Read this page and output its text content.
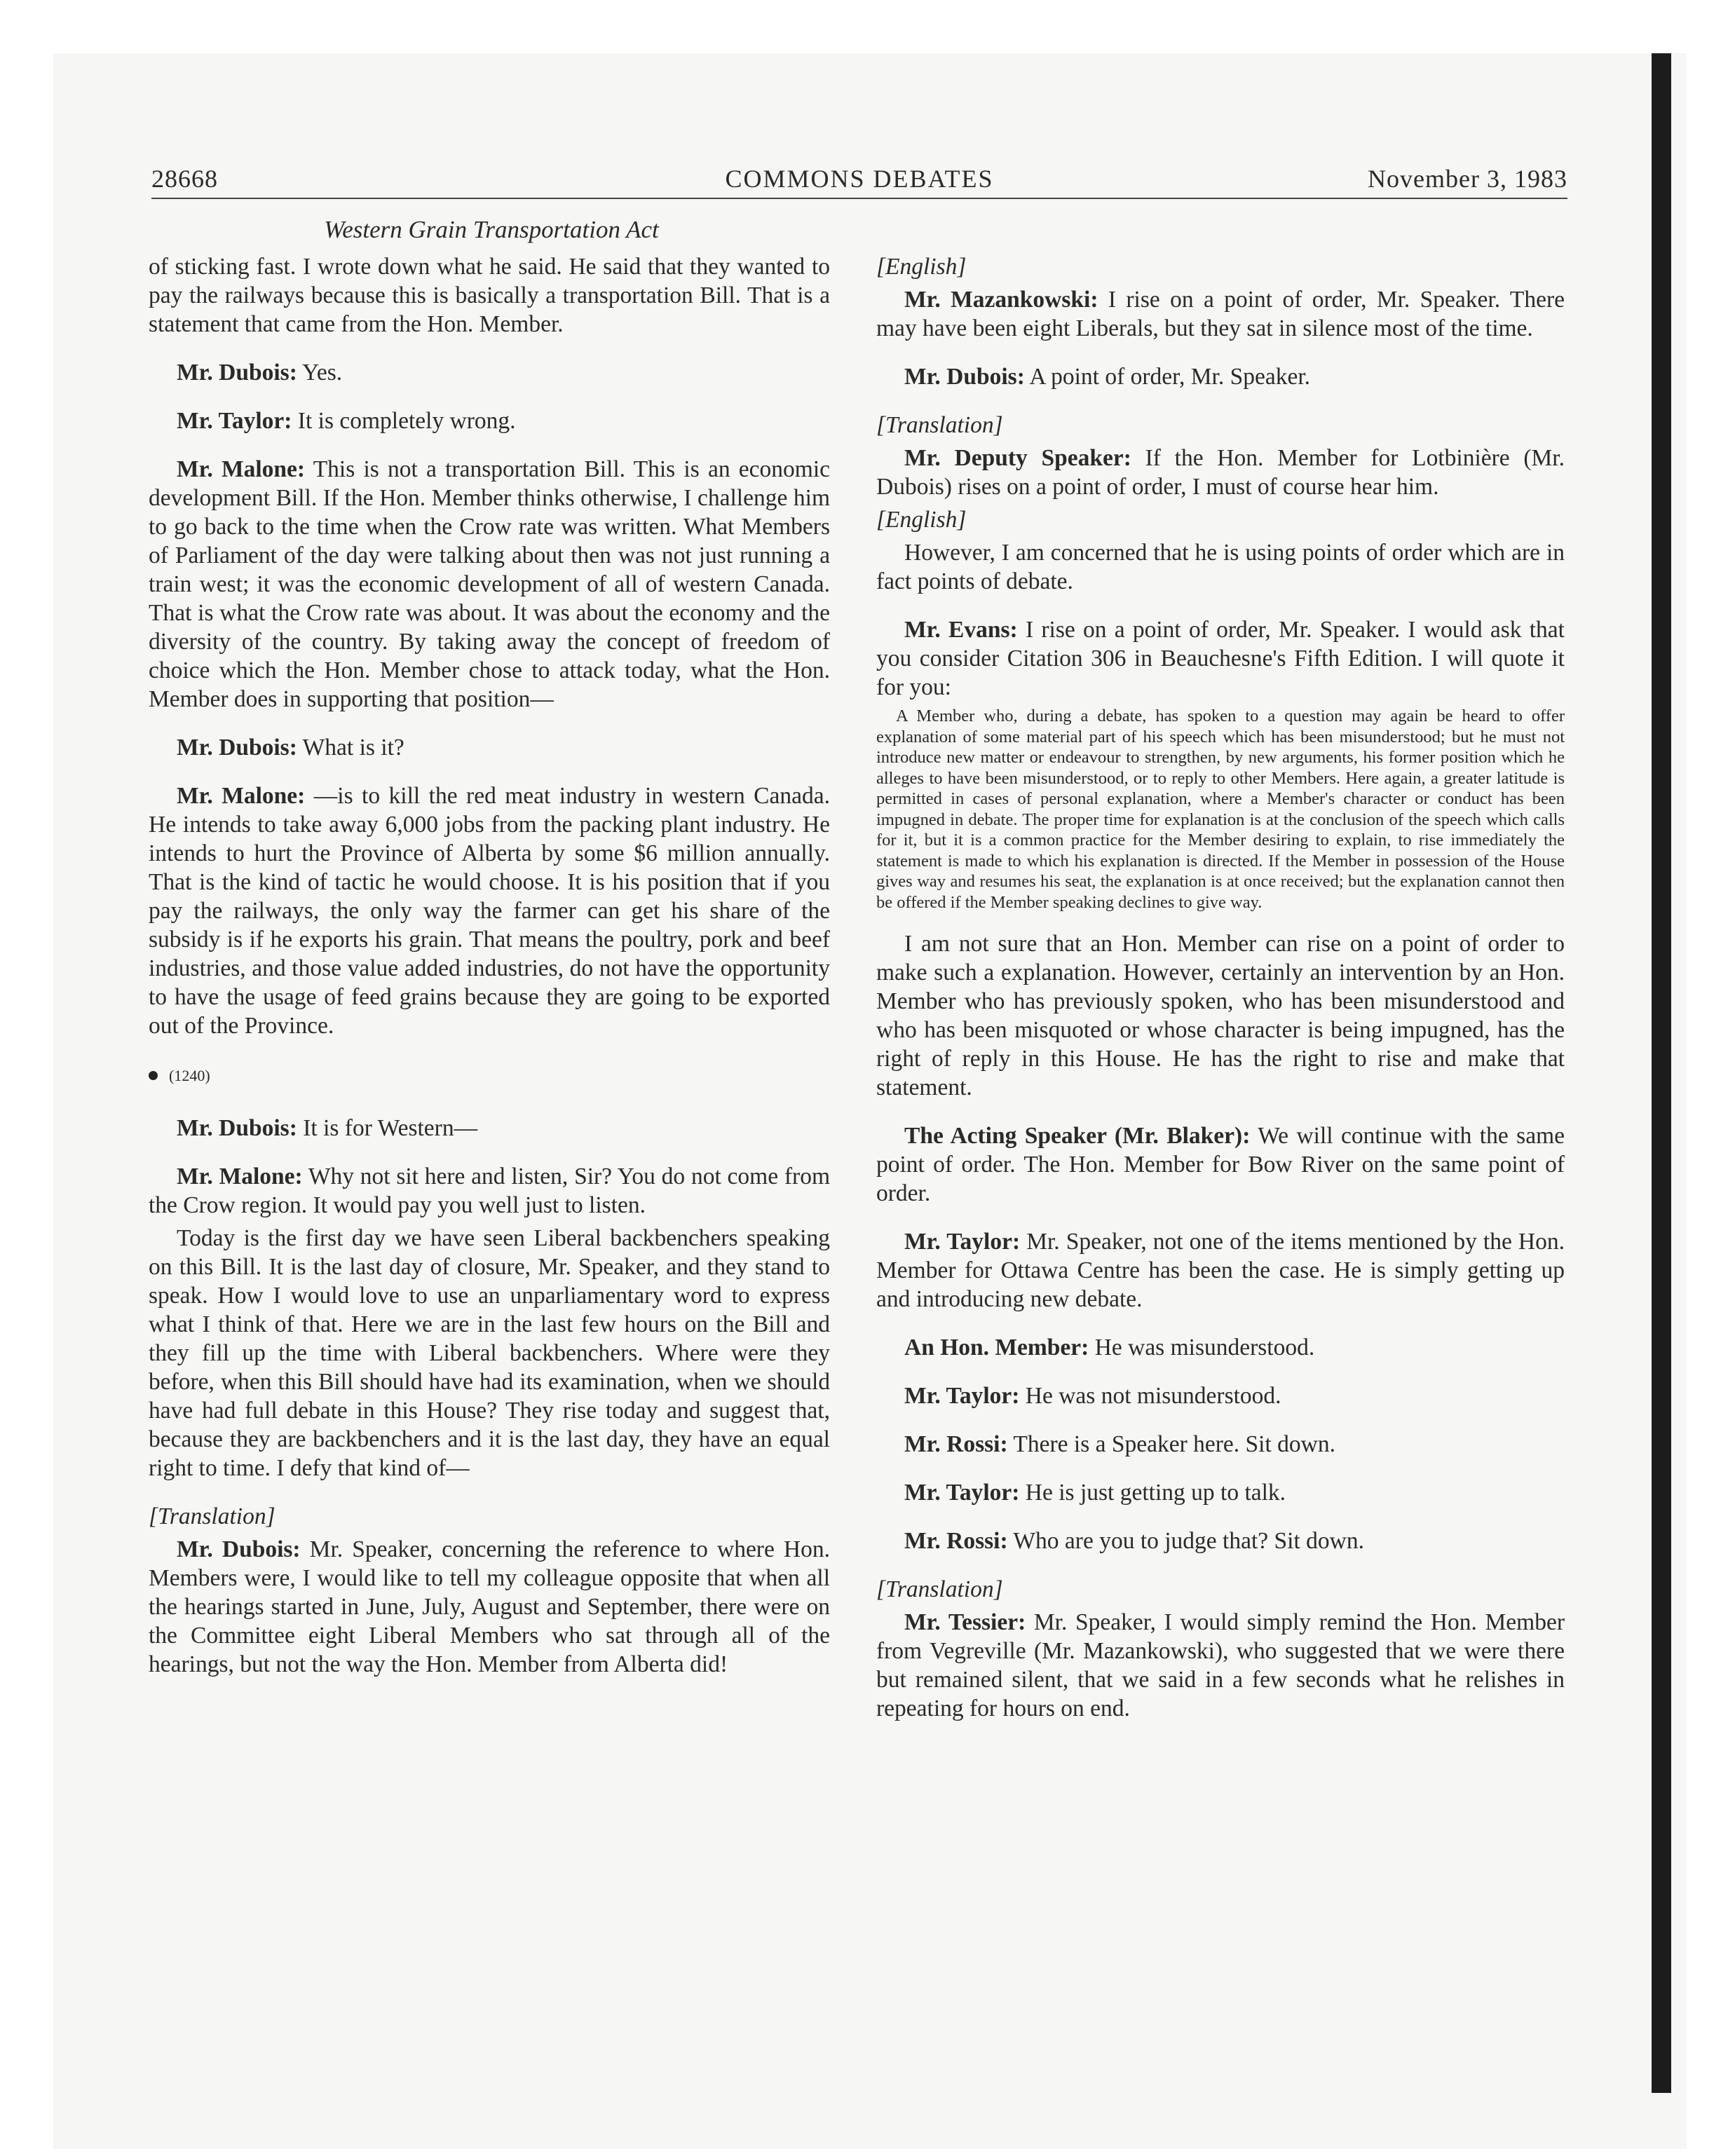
28668	COMMONS DEBATES	November 3, 1983
Western Grain Transportation Act

of sticking fast. I wrote down what he said. He said that they wanted to pay the railways because this is basically a transportation Bill. That is a statement that came from the Hon. Member.

Mr. Dubois: Yes.

Mr. Taylor: It is completely wrong.

Mr. Malone: This is not a transportation Bill. This is an economic development Bill. If the Hon. Member thinks otherwise, I challenge him to go back to the time when the Crow rate was written. What Members of Parliament of the day were talking about then was not just running a train west; it was the economic development of all of western Canada. That is what the Crow rate was about. It was about the economy and the diversity of the country. By taking away the concept of freedom of choice which the Hon. Member chose to attack today, what the Hon. Member does in supporting that position—

Mr. Dubois: What is it?

Mr. Malone: —is to kill the red meat industry in western Canada. He intends to take away 6,000 jobs from the packing plant industry. He intends to hurt the Province of Alberta by some $6 million annually. That is the kind of tactic he would choose. It is his position that if you pay the railways, the only way the farmer can get his share of the subsidy is if he exports his grain. That means the poultry, pork and beef industries, and those value added industries, do not have the opportunity to have the usage of feed grains because they are going to be exported out of the Province.

(1240)

Mr. Dubois: It is for Western—

Mr. Malone: Why not sit here and listen, Sir? You do not come from the Crow region. It would pay you well just to listen.

Today is the first day we have seen Liberal backbenchers speaking on this Bill. It is the last day of closure, Mr. Speaker, and they stand to speak. How I would love to use an unparliamentary word to express what I think of that. Here we are in the last few hours on the Bill and they fill up the time with Liberal backbenchers. Where were they before, when this Bill should have had its examination, when we should have had full debate in this House? They rise today and suggest that, because they are backbenchers and it is the last day, they have an equal right to time. I defy that kind of—

[Translation]

Mr. Dubois: Mr. Speaker, concerning the reference to where Hon. Members were, I would like to tell my colleague opposite that when all the hearings started in June, July, August and September, there were on the Committee eight Liberal Members who sat through all of the hearings, but not the way the Hon. Member from Alberta did!

[English]

Mr. Mazankowski: I rise on a point of order, Mr. Speaker. There may have been eight Liberals, but they sat in silence most of the time.

Mr. Dubois: A point of order, Mr. Speaker.

[Translation]

Mr. Deputy Speaker: If the Hon. Member for Lotbinière (Mr. Dubois) rises on a point of order, I must of course hear him.

[English]

However, I am concerned that he is using points of order which are in fact points of debate.

Mr. Evans: I rise on a point of order, Mr. Speaker. I would ask that you consider Citation 306 in Beauchesne's Fifth Edition. I will quote it for you:

A Member who, during a debate, has spoken to a question may again be heard to offer explanation of some material part of his speech which has been misunderstood; but he must not introduce new matter or endeavour to strengthen, by new arguments, his former position which he alleges to have been misunderstood, or to reply to other Members. Here again, a greater latitude is permitted in cases of personal explanation, where a Member's character or conduct has been impugned in debate. The proper time for explanation is at the conclusion of the speech which calls for it, but it is a common practice for the Member desiring to explain, to rise immediately the statement is made to which his explanation is directed. If the Member in possession of the House gives way and resumes his seat, the explanation is at once received; but the explanation cannot then be offered if the Member speaking declines to give way.

I am not sure that an Hon. Member can rise on a point of order to make such a explanation. However, certainly an intervention by an Hon. Member who has previously spoken, who has been misunderstood and who has been misquoted or whose character is being impugned, has the right of reply in this House. He has the right to rise and make that statement.

The Acting Speaker (Mr. Blaker): We will continue with the same point of order. The Hon. Member for Bow River on the same point of order.

Mr. Taylor: Mr. Speaker, not one of the items mentioned by the Hon. Member for Ottawa Centre has been the case. He is simply getting up and introducing new debate.

An Hon. Member: He was misunderstood.

Mr. Taylor: He was not misunderstood.

Mr. Rossi: There is a Speaker here. Sit down.

Mr. Taylor: He is just getting up to talk.

Mr. Rossi: Who are you to judge that? Sit down.

[Translation]

Mr. Tessier: Mr. Speaker, I would simply remind the Hon. Member from Vegreville (Mr. Mazankowski), who suggested that we were there but remained silent, that we said in a few seconds what he relishes in repeating for hours on end.
